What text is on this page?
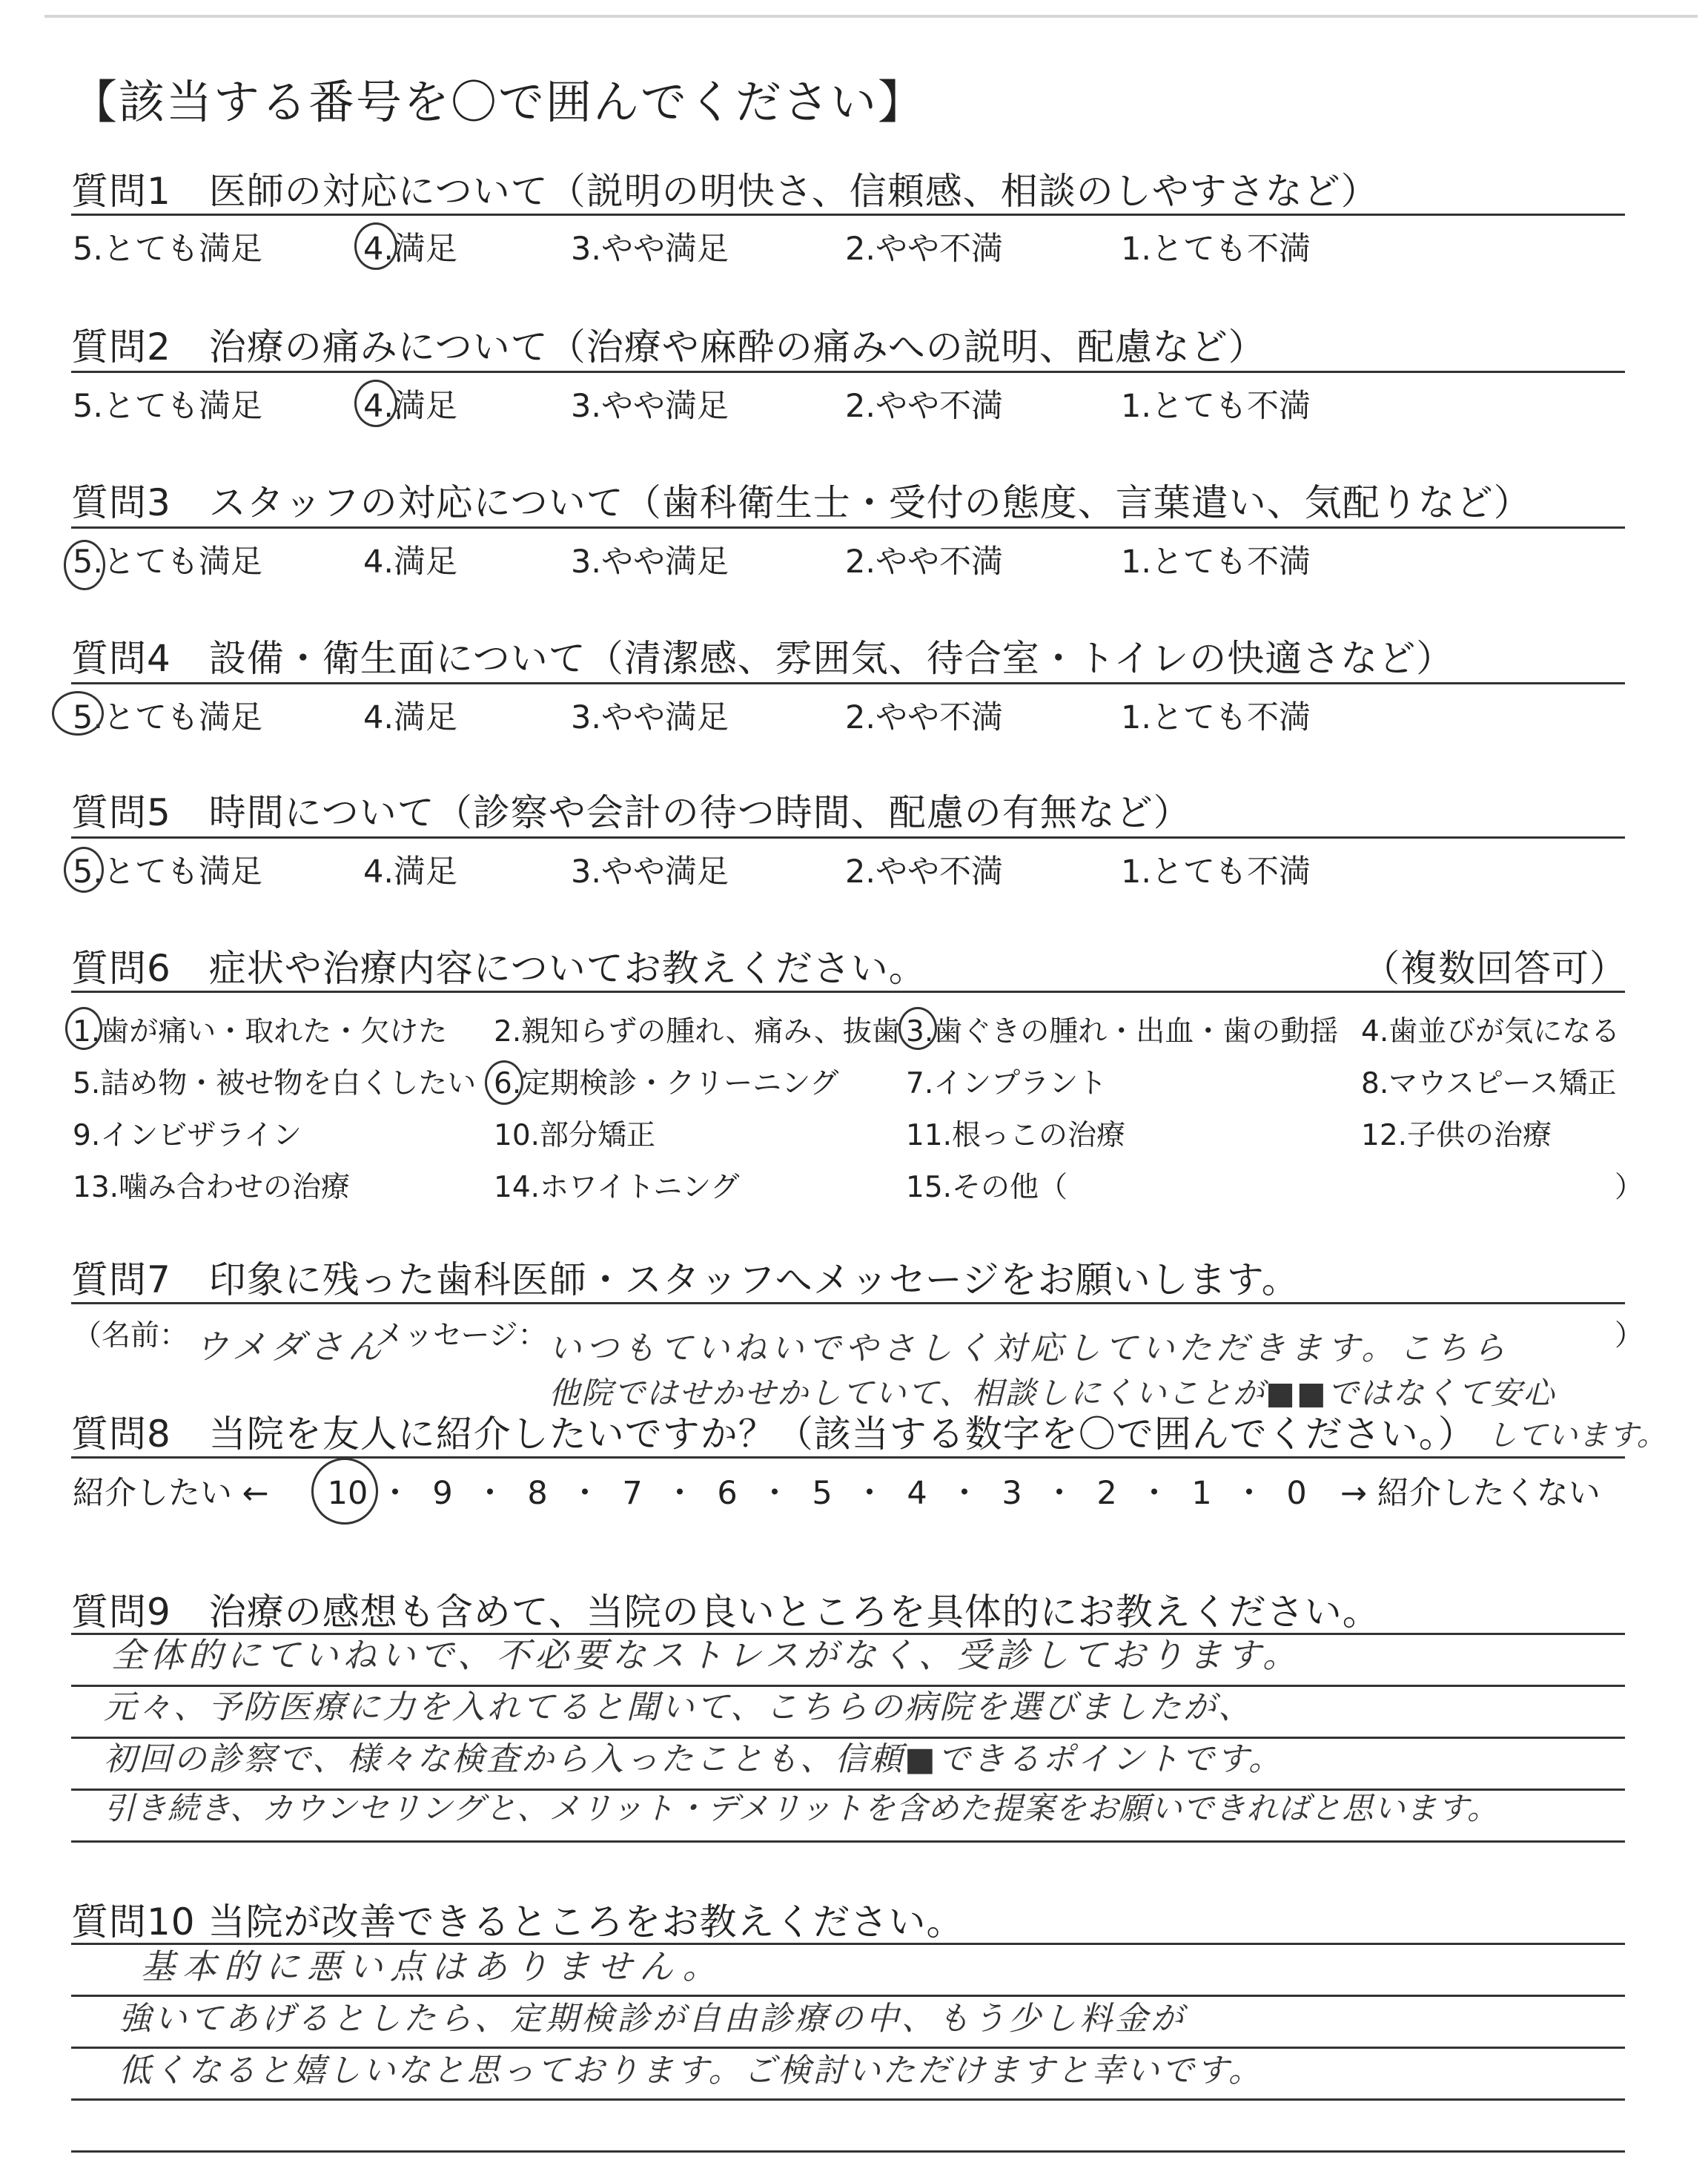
【該当する番号を〇で囲んでください】
質問1　医師の対応について（説明の明快さ、信頼感、相談のしやすさなど）
5.とても満足	4.満足	3.やや満足	2.やや不満	1.とても不満
質問2　治療の痛みについて（治療や麻酔の痛みへの説明、配慮など）
5.とても満足	4.満足	3.やや満足	2.やや不満	1.とても不満
質問3　スタッフの対応について（歯科衛生士・受付の態度、言葉遣い、気配りなど）
5.とても満足	4.満足	3.やや満足	2.やや不満	1.とても不満
質問4　設備・衛生面について（清潔感、雰囲気、待合室・トイレの快適さなど）
5.とても満足	4.満足	3.やや満足	2.やや不満	1.とても不満
質問5　時間について（診察や会計の待つ時間、配慮の有無など）
5.とても満足	4.満足	3.やや満足	2.やや不満	1.とても不満
質問6　症状や治療内容についてお教えください。	（複数回答可）
1.歯が痛い・取れた・欠けた 2.親知らずの腫れ、痛み、抜歯 3.歯ぐきの腫れ・出血・歯の動揺 4.歯並びが気になる
5.詰め物・被せ物を白くしたい 6.定期検診・クリーニング 7.インプラント	8.マウスピース矯正
9.インビザライン	10.部分矯正	11.根っこの治療	12.子供の治療
13.噛み合わせの治療	14.ホワイトニング	15.その他（	）
質問7　印象に残った歯科医師・スタッフへメッセージをお願いします。
（名前： ウメダさん
メッセージ：	）
いつもていねいでやさしく対応していただきます。こちら
他院ではせかせかしていて、相談しにくいことが■■ではなくて安心
しています。
質問8　当院を友人に紹介したいですか？（該当する数字を〇で囲んでください。）
紹介したい ← 10 ・ 9 ・ 8 ・ 7 ・ 6 ・ 5 ・ 4 ・ 3 ・ 2 ・ 1 ・ 0	→ 紹介したくない
質問9　治療の感想も含めて、当院の良いところを具体的にお教えください。
全体的にていねいで、不必要なストレスがなく、受診しております。
元々、予防医療に力を入れてると聞いて、こちらの病院を選びましたが、
初回の診察で、様々な検査から入ったことも、信頼■できるポイントです。
引き続き、カウンセリングと、メリット・デメリットを含めた提案をお願いできればと思います。
質問10 当院が改善できるところをお教えください。
基本的に悪い点はありません。
強いてあげるとしたら、定期検診が自由診療の中、もう少し料金が
低くなると嬉しいなと思っております。ご検討いただけますと幸いです。
